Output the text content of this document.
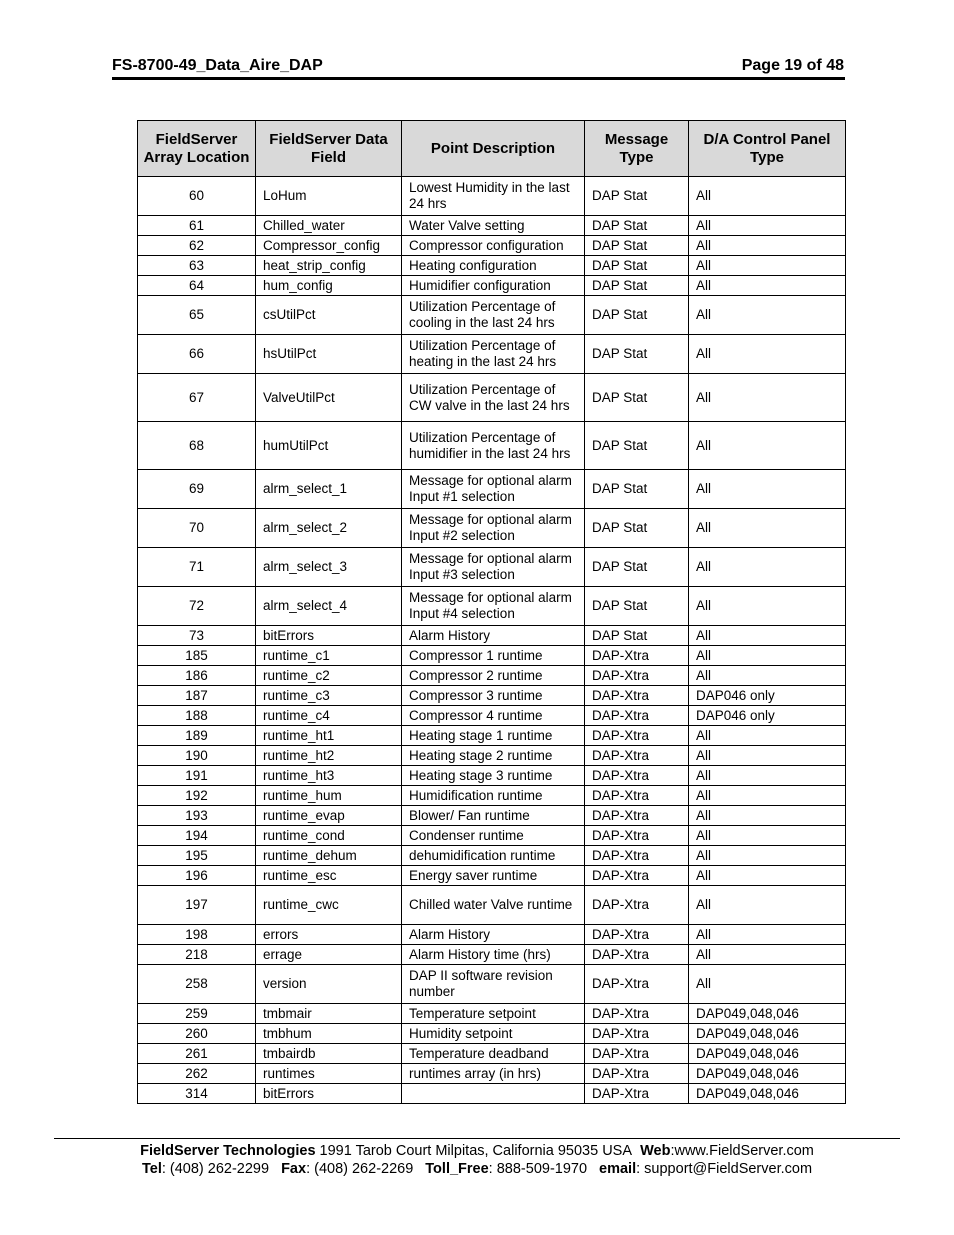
FS-8700-49_Data_Aire_DAP	Page 19 of 48
FieldServer Array Location	FieldServer Data Field	Point Description	Message Type	D/A Control Panel Type
60	LoHum	Lowest Humidity in the last 24 hrs	DAP Stat	All
61	Chilled_water	Water Valve setting	DAP Stat	All
62	Compressor_config	Compressor configuration	DAP Stat	All
63	heat_strip_config	Heating configuration	DAP Stat	All
64	hum_config	Humidifier configuration	DAP Stat	All
65	csUtilPct	Utilization Percentage of cooling in the last 24 hrs	DAP Stat	All
66	hsUtilPct	Utilization Percentage of heating in the last 24 hrs	DAP Stat	All
67	ValveUtilPct	Utilization Percentage of CW valve in the last 24 hrs	DAP Stat	All
68	humUtilPct	Utilization Percentage of humidifier in the last 24 hrs	DAP Stat	All
69	alrm_select_1	Message for optional alarm Input #1 selection	DAP Stat	All
70	alrm_select_2	Message for optional alarm Input #2 selection	DAP Stat	All
71	alrm_select_3	Message for optional alarm Input #3 selection	DAP Stat	All
72	alrm_select_4	Message for optional alarm Input #4 selection	DAP Stat	All
73	bitErrors	Alarm History	DAP Stat	All
185	runtime_c1	Compressor 1 runtime	DAP-Xtra	All
186	runtime_c2	Compressor 2 runtime	DAP-Xtra	All
187	runtime_c3	Compressor 3 runtime	DAP-Xtra	DAP046 only
188	runtime_c4	Compressor 4 runtime	DAP-Xtra	DAP046 only
189	runtime_ht1	Heating stage 1 runtime	DAP-Xtra	All
190	runtime_ht2	Heating stage 2 runtime	DAP-Xtra	All
191	runtime_ht3	Heating stage 3 runtime	DAP-Xtra	All
192	runtime_hum	Humidification runtime	DAP-Xtra	All
193	runtime_evap	Blower/ Fan runtime	DAP-Xtra	All
194	runtime_cond	Condenser runtime	DAP-Xtra	All
195	runtime_dehum	dehumidification runtime	DAP-Xtra	All
196	runtime_esc	Energy saver runtime	DAP-Xtra	All
197	runtime_cwc	Chilled water Valve runtime	DAP-Xtra	All
198	errors	Alarm History	DAP-Xtra	All
218	errage	Alarm History time (hrs)	DAP-Xtra	All
258	version	DAP II software revision number	DAP-Xtra	All
259	tmbmair	Temperature setpoint	DAP-Xtra	DAP049,048,046
260	tmbhum	Humidity setpoint	DAP-Xtra	DAP049,048,046
261	tmbairdb	Temperature deadband	DAP-Xtra	DAP049,048,046
262	runtimes	runtimes array (in hrs)	DAP-Xtra	DAP049,048,046
314	bitErrors		DAP-Xtra	DAP049,048,046
FieldServer Technologies 1991 Tarob Court Milpitas, California 95035 USA Web:www.FieldServer.com
Tel: (408) 262-2299 Fax: (408) 262-2269 Toll_Free: 888-509-1970 email: support@FieldServer.com
